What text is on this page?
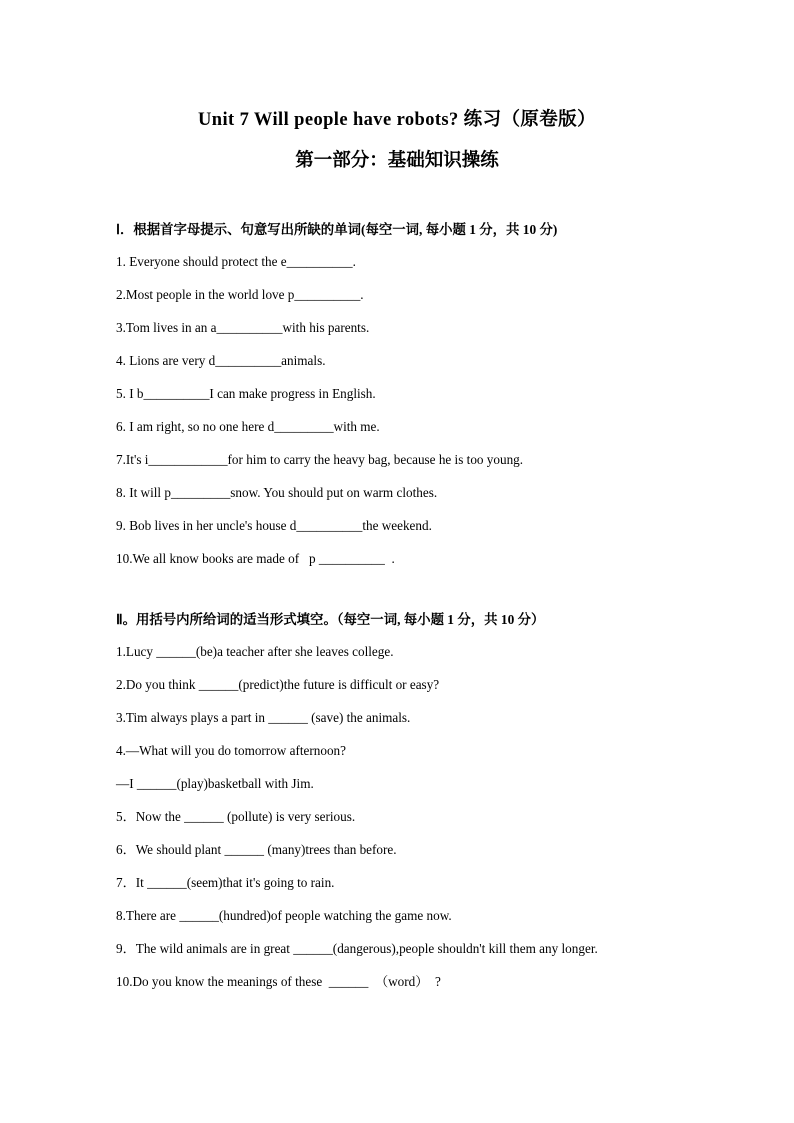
Unit 7 Will people have robots? 练习（原卷版）
第一部分：基础知识操练

Ⅰ．根据首字母提示、句意写出所缺的单词(每空一词, 每小题 1 分，共 10 分)

1. Everyone should protect the e__________.

2.Most people in the world love p__________.

3.Tom lives in an a__________with his parents.

4. Lions are very d__________animals.

5. I b__________I can make progress in English.

6. I am right, so no one here d_________with me.

7.It's i____________for him to carry the heavy bag, because he is too young.

8. It will p_________snow. You should put on warm clothes.

9. Bob lives in her uncle's house d__________the weekend.

10.We all know books are made of   p __________  .

Ⅱ。用括号内所给词的适当形式填空。（每空一词, 每小题 1 分，共 10 分）

1.Lucy ______(be)a teacher after she leaves college.

2.Do you think ______(predict)the future is difficult or easy?

3.Tim always plays a part in ______ (save) the animals.

4.—What will you do tomorrow afternoon?

—I ______(play)basketball with Jim.

5．Now the ______ (pollute) is very serious.

6．We should plant ______ (many)trees than before.

7．It ______(seem)that it's going to rain.

8.There are ______(hundred)of people watching the game now.

9．The wild animals are in great ______(dangerous),people shouldn't kill them any longer.

10.Do you know the meanings of these  ______  （word）  ?
